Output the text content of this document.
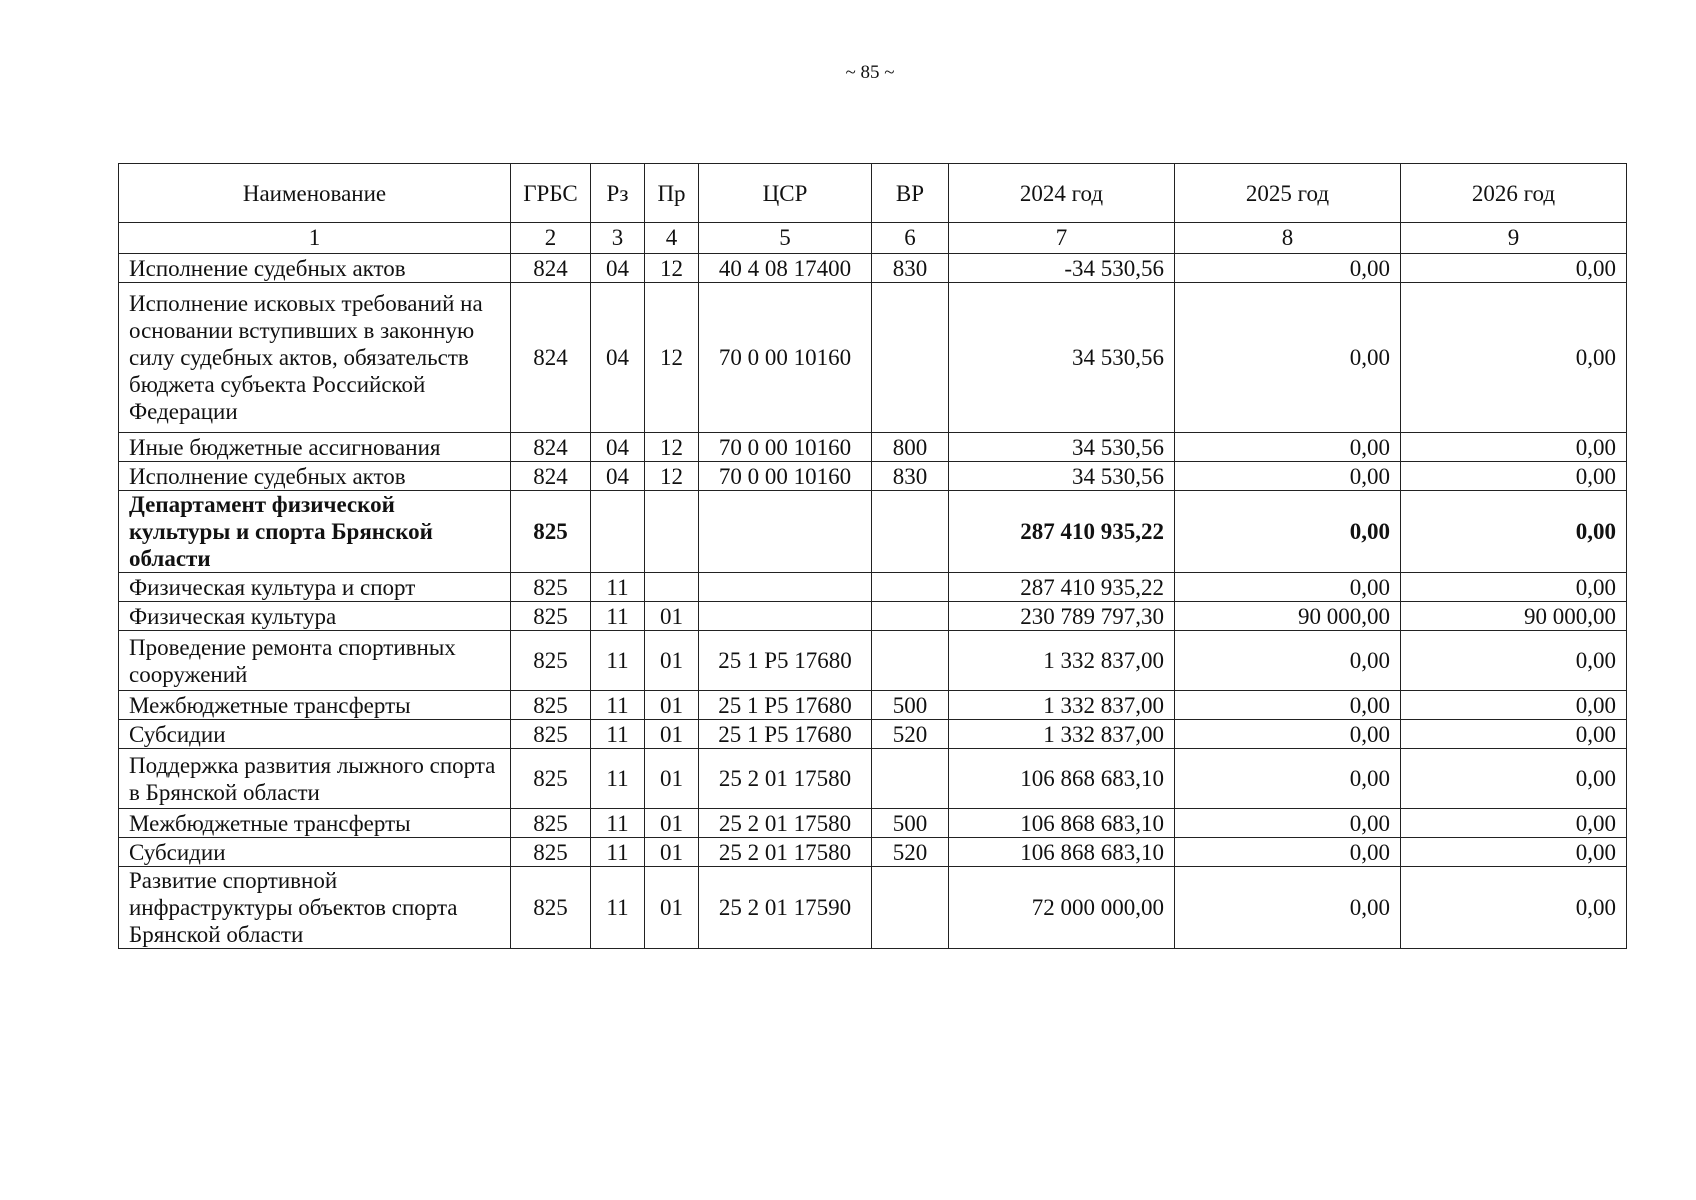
~ 85 ~
Наименование	ГРБС	Рз	Пр	ЦСР	ВР	2024 год	2025 год	2026 год
1	2	3	4	5	6	7	8	9
Исполнение судебных актов	824	04	12	40 4 08 17400	830	-34 530,56	0,00	0,00
Исполнение исковых требований на основании вступивших в законную силу судебных актов, обязательств бюджета субъекта Российской Федерации	824	04	12	70 0 00 10160		34 530,56	0,00	0,00
Иные бюджетные ассигнования	824	04	12	70 0 00 10160	800	34 530,56	0,00	0,00
Исполнение судебных актов	824	04	12	70 0 00 10160	830	34 530,56	0,00	0,00
Департамент физической культуры и спорта Брянской области	825					287 410 935,22	0,00	0,00
Физическая культура и спорт	825	11				287 410 935,22	0,00	0,00
Физическая культура	825	11	01			230 789 797,30	90 000,00	90 000,00
Проведение ремонта спортивных сооружений	825	11	01	25 1 P5 17680		1 332 837,00	0,00	0,00
Межбюджетные трансферты	825	11	01	25 1 P5 17680	500	1 332 837,00	0,00	0,00
Субсидии	825	11	01	25 1 P5 17680	520	1 332 837,00	0,00	0,00
Поддержка развития лыжного спорта в Брянской области	825	11	01	25 2 01 17580		106 868 683,10	0,00	0,00
Межбюджетные трансферты	825	11	01	25 2 01 17580	500	106 868 683,10	0,00	0,00
Субсидии	825	11	01	25 2 01 17580	520	106 868 683,10	0,00	0,00
Развитие спортивной инфраструктуры объектов спорта Брянской области	825	11	01	25 2 01 17590		72 000 000,00	0,00	0,00
